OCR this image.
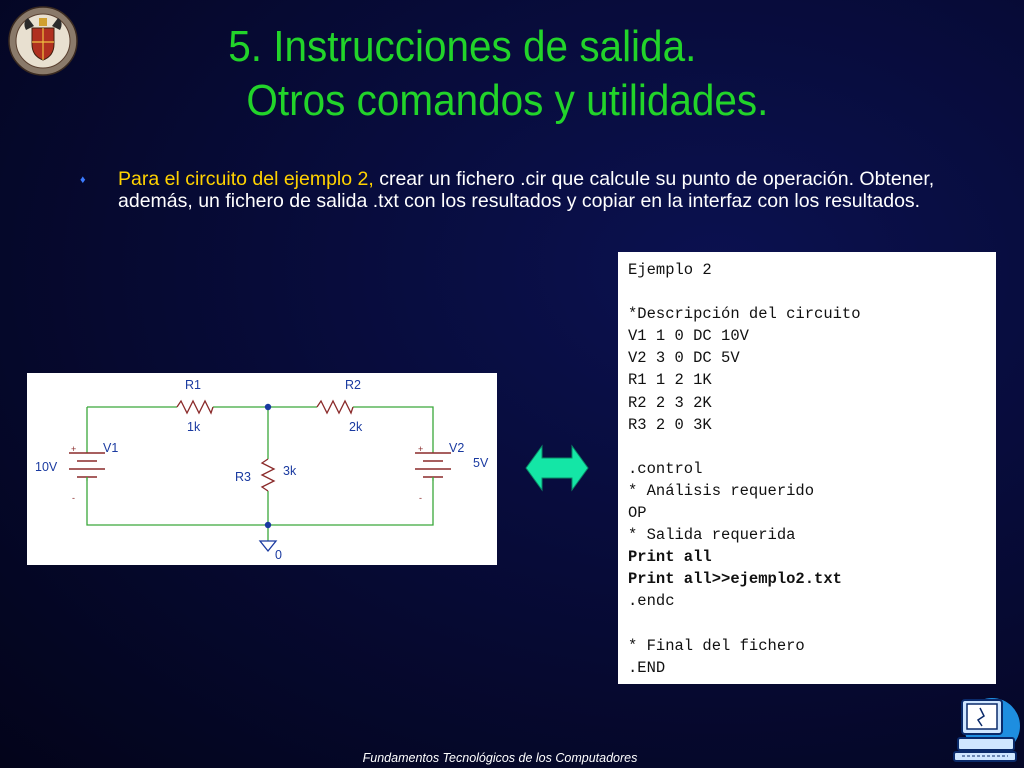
5. Instrucciones de salida.
Otros comandos y utilidades.
♦ Para el circuito del ejemplo 2, crear un fichero .cir que calcule su punto de operación. Obtener, además, un fichero de salida .txt con los resultados y copiar en la interfaz con los resultados.
R1
1k
R2
2k
R3	3k
V1
10V
V2
5V
0
+
-
+
-
Ejemplo 2
*Descripción del circuito
V1 1 0 DC 10V
V2 3 0 DC 5V
R1 1 2 1K
R2 2 3 2K
R3 2 0 3K
.control
* Análisis requerido
OP
* Salida requerida
Print all
Print all>>ejemplo2.txt
.endc
* Final del fichero
.END
Fundamentos Tecnológicos de los Computadores
